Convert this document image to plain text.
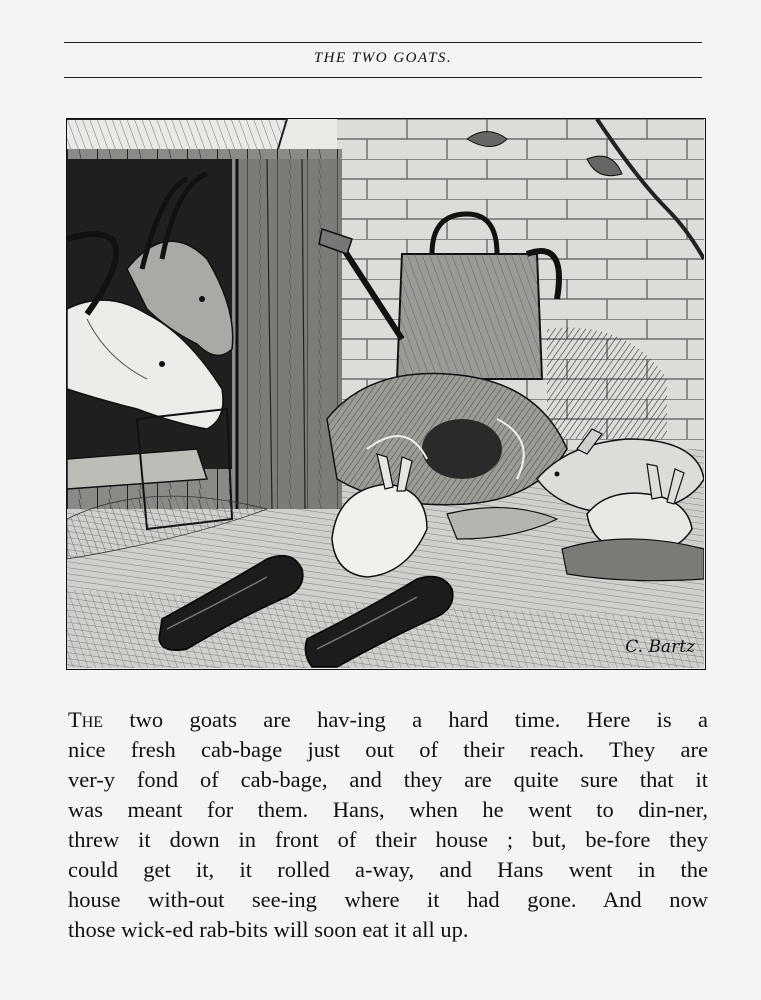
THE TWO GOATS.
C. Bartz
The two goats are hav-ing a hard time. Here is a
nice fresh cab-bage just out of their reach. They are
ver-y fond of cab-bage, and they are quite sure that it
was meant for them. Hans, when he went to din-ner,
threw it down in front of their house ; but, be-fore they
could get it, it rolled a-way, and Hans went in the
house with-out see-ing where it had gone. And now
those wick-ed rab-bits will soon eat it all up.
